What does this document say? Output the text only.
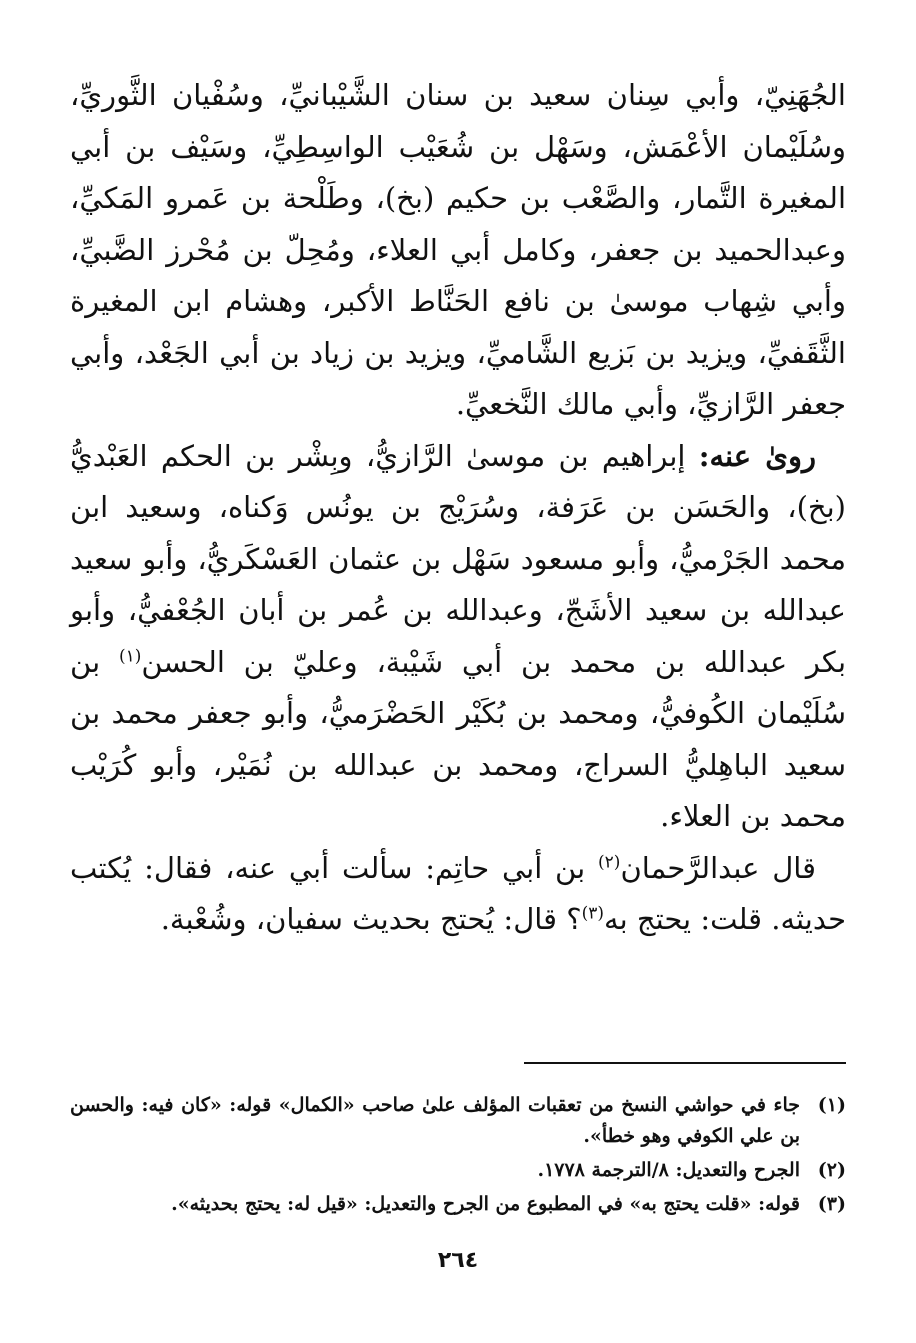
الجُهَنِيّ، وأبي سِنان سعيد بن سنان الشَّيْبانيِّ، وسُفْيان الثَّوريِّ، وسُلَيْمان الأعْمَش، وسَهْل بن شُعَيْب الواسِطِيِّ، وسَيْف بن أبي المغيرة التَّمار، والصَّعْب بن حكيم (بخ)، وطَلْحة بن عَمرو المَكيِّ، وعبدالحميد بن جعفر، وكامل أبي العلاء، ومُحِلّ بن مُحْرز الضَّبيِّ، وأبي شِهاب موسىٰ بن نافع الحَنَّاط الأكبر، وهشام ابن المغيرة الثَّقَفيِّ، ويزيد بن بَزيع الشَّاميِّ، ويزيد بن زياد بن أبي الجَعْد، وأبي جعفر الرَّازيِّ، وأبي مالك النَّخعيِّ.

روىٰ عنه: إبراهيم بن موسىٰ الرَّازيُّ، وبِشْر بن الحكم العَبْديُّ (بخ)، والحَسَن بن عَرَفة، وسُرَيْج بن يونُس وَكناه، وسعيد ابن محمد الجَرْميُّ، وأبو مسعود سَهْل بن عثمان العَسْكَريُّ، وأبو سعيد عبدالله بن سعيد الأشَجّ، وعبدالله بن عُمر بن أبان الجُعْفيُّ، وأبو بكر عبدالله بن محمد بن أبي شَيْبة، وعليّ بن الحسن$^{(١)}$ بن سُلَيْمان الكُوفيُّ، ومحمد بن بُكَيْر الحَضْرَميُّ، وأبو جعفر محمد بن سعيد الباهِليُّ السراج، ومحمد بن عبدالله بن نُمَيْر، وأبو كُرَيْب محمد بن العلاء.

قال عبدالرَّحمان$^{(٢)}$ بن أبي حاتِم: سألت أبي عنه، فقال: يُكتب حديثه. قلت: يحتج به$^{(٣)}$؟ قال: يُحتج بحديث سفيان، وشُعْبة.

(١)
جاء في حواشي النسخ من تعقبات المؤلف علىٰ صاحب «الكمال» قوله: «كان فيه: والحسن بن علي الكوفي وهو خطأ».
(٢)
الجرح والتعديل: ٨/الترجمة ١٧٧٨.
(٣)
قوله: «قلت يحتج به» في المطبوع من الجرح والتعديل: «قيل له: يحتج بحديثه».
٢٦٤
